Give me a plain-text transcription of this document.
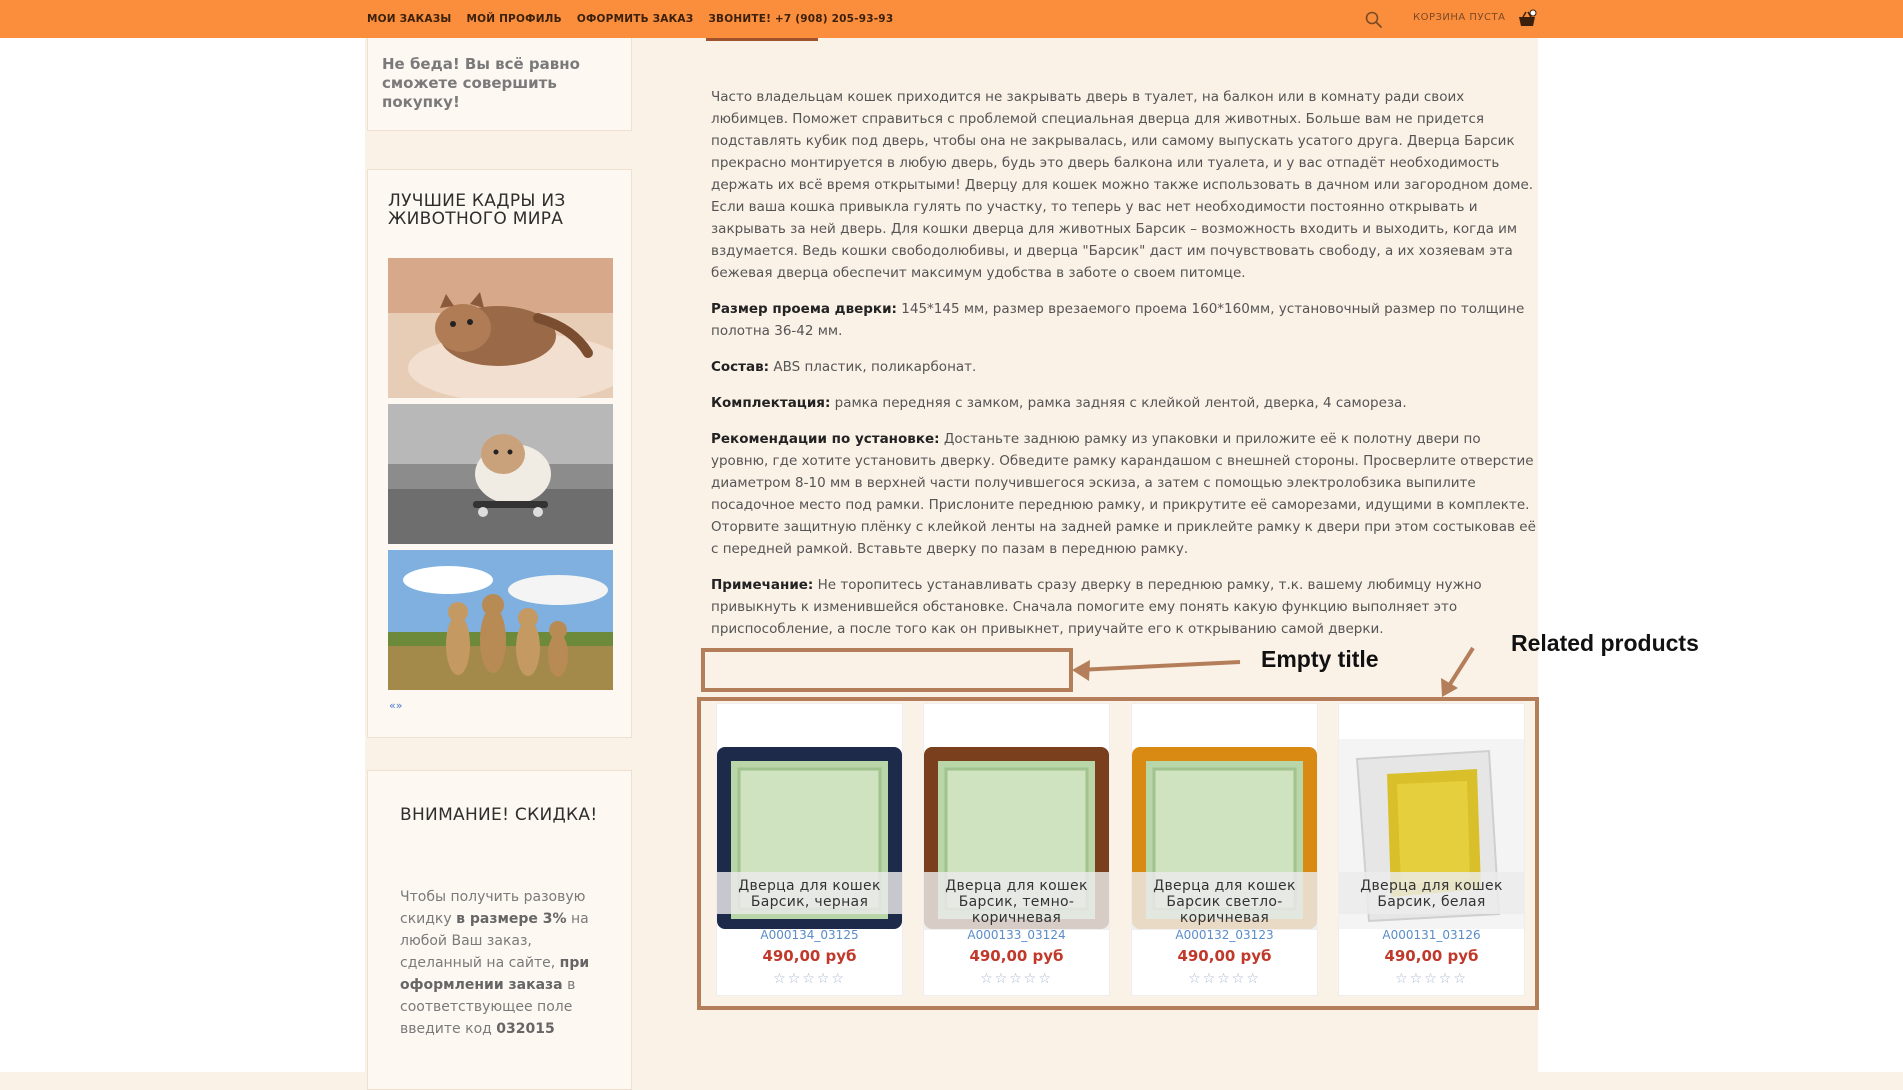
МОИ ЗАКАЗЫ МОЙ ПРОФИЛЬ ОФОРМИТЬ ЗАКАЗ ЗВОНИТЕ! +7 (908) 205-93-93	КОРЗИНА ПУСТА
Не беда! Вы всё равно сможете совершить покупку!
ЛУЧШИЕ КАДРЫ ИЗ ЖИВОТНОГО МИРА
«»
ВНИМАНИЕ! СКИДКА!

Чтобы получить разовую скидку в размере 3% на любой Ваш заказ, сделанный на сайте, при оформлении заказа в соответствующее поле введите код 032015

Часто владельцам кошек приходится не закрывать дверь в туалет, на балкон или в комнату ради своих любимцев. Поможет справиться с проблемой специальная дверца для животных. Больше вам не придется подставлять кубик под дверь, чтобы она не закрывалась, или самому выпускать усатого друга. Дверца Барсик прекрасно монтируется в любую дверь, будь это дверь балкона или туалета, и у вас отпадёт необходимость держать их всё время открытыми! Дверцу для кошек можно также использовать в дачном или загородном доме. Если ваша кошка привыкла гулять по участку, то теперь у вас нет необходимости постоянно открывать и закрывать за ней дверь. Для кошки дверца для животных Барсик – возможность входить и выходить, когда им вздумается. Ведь кошки свободолюбивы, и дверца "Барсик" даст им почувствовать свободу, а их хозяевам эта бежевая дверца обеспечит максимум удобства в заботе о своем питомце.

Размер проема дверки: 145*145 мм, размер врезаемого проема 160*160мм, установочный размер по толщине полотна 36-42 мм.

Состав: ABS пластик, поликарбонат.

Комплектация: рамка передняя с замком, рамка задняя с клейкой лентой, дверка, 4 самореза.

Рекомендации по установке: Достаньте заднюю рамку из упаковки и приложите её к полотну двери по уровню, где хотите установить дверку. Обведите рамку карандашом с внешней стороны. Просверлите отверстие диаметром 8-10 мм в верхней части получившегося эскиза, а затем с помощью электролобзика выпилите посадочное место под рамки. Прислоните переднюю рамку, и прикрутите её саморезами, идущими в комплекте. Оторвите защитную плёнку с клейкой ленты на задней рамке и приклейте рамку к двери при этом состыковав её с передней рамкой. Вставьте дверку по пазам в переднюю рамку.

Примечание: Не торопитесь устанавливать сразу дверку в переднюю рамку, т.к. вашему любимцу нужно привыкнуть к изменившейся обстановке. Сначала помогите ему понять какую функцию выполняет это приспособление, а после того как он привыкнет, приучайте его к открыванию самой дверки.

Empty title
Related products
Дверца для кошек Барсик, черная
А000134_03125
490,00 руб
☆☆☆☆☆
Дверца для кошек Барсик, темно-коричневая
А000133_03124
490,00 руб
☆☆☆☆☆
Дверца для кошек Барсик светло-коричневая
А000132_03123
490,00 руб
☆☆☆☆☆
Дверца для кошек Барсик, белая
А000131_03126
490,00 руб
☆☆☆☆☆
